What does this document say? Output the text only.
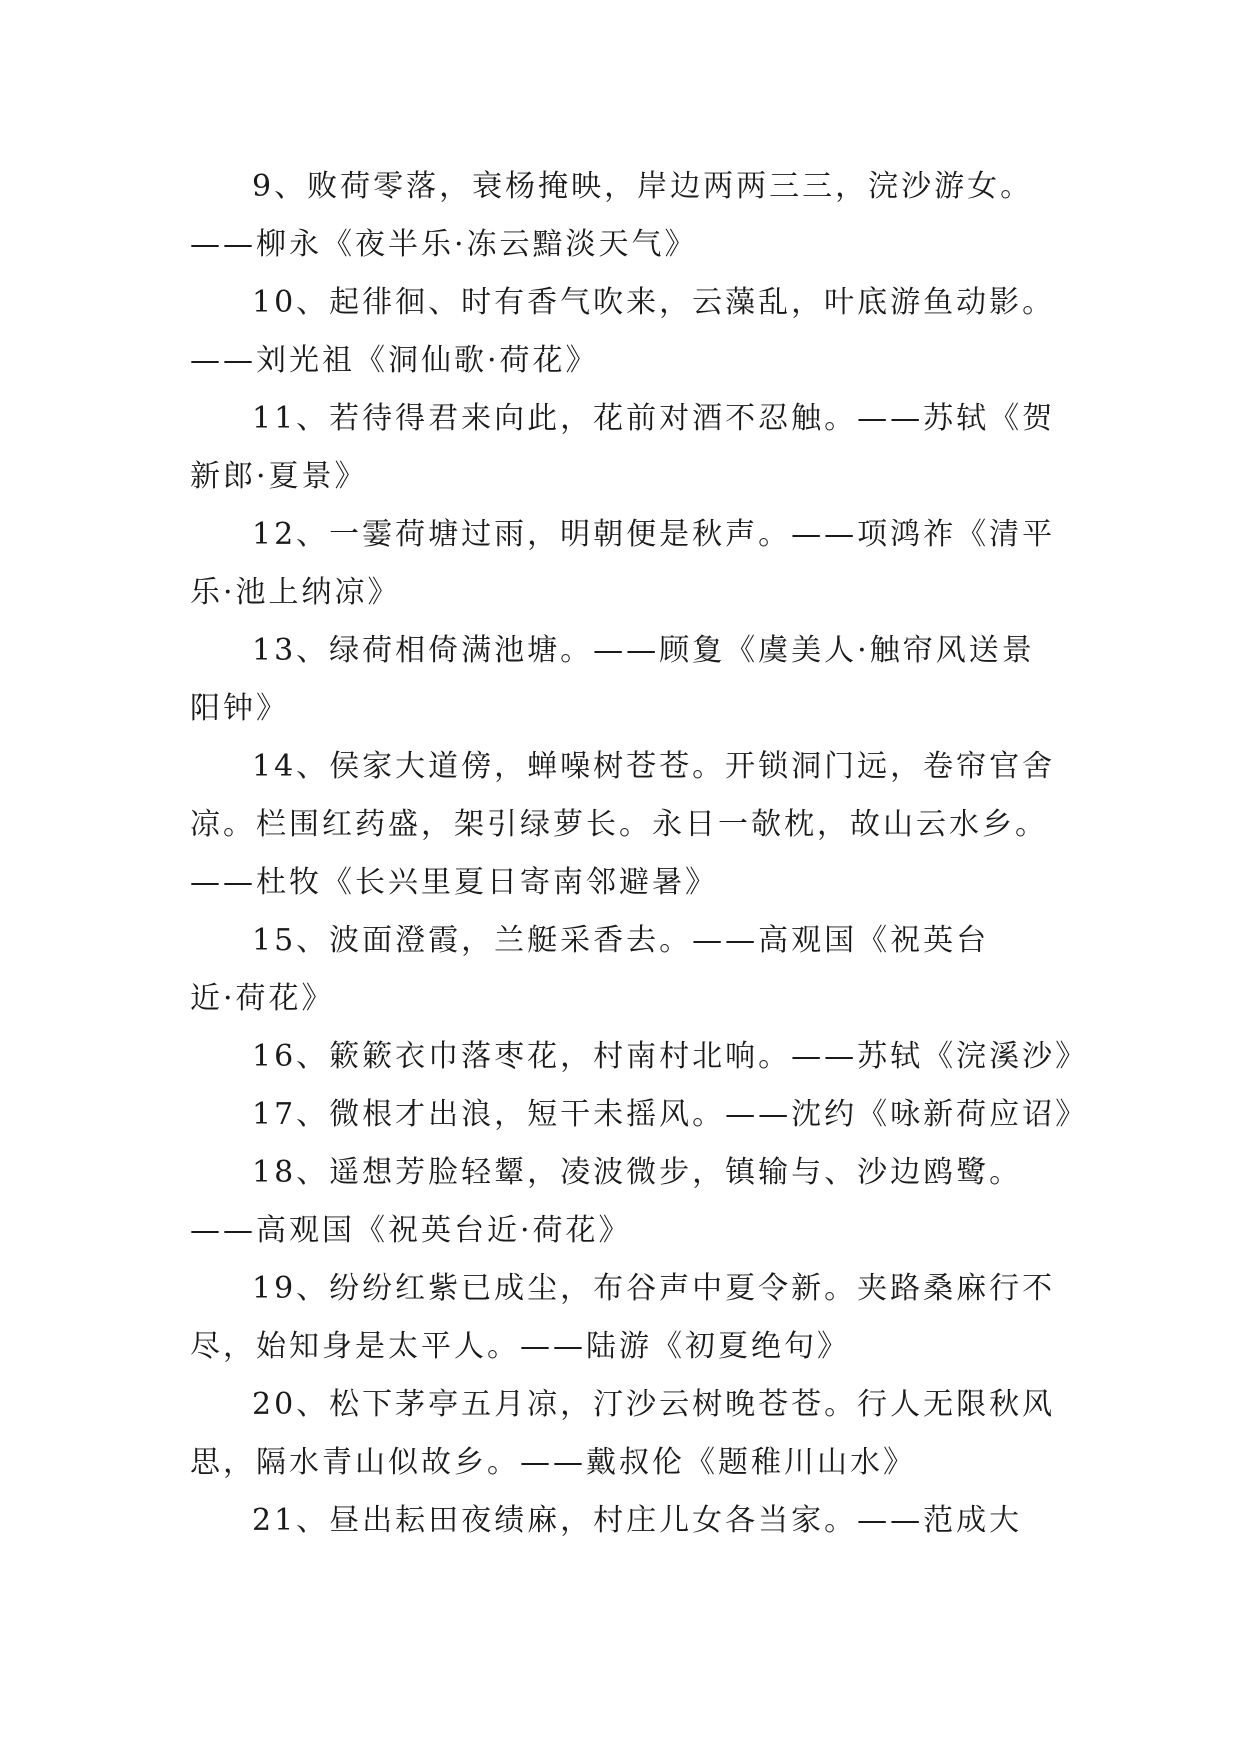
9、败荷零落，衰杨掩映，岸边两两三三，浣沙游女。
——柳永《夜半乐·冻云黯淡天气》
10、起徘徊、时有香气吹来，云藻乱，叶底游鱼动影。
——刘光祖《洞仙歌·荷花》
11、若待得君来向此，花前对酒不忍触。——苏轼《贺
新郎·夏景》
12、一霎荷塘过雨，明朝便是秋声。——项鸿祚《清平
乐·池上纳凉》
13、绿荷相倚满池塘。——顾夐《虞美人·触帘风送景
阳钟》
14、侯家大道傍，蝉噪树苍苍。开锁洞门远，卷帘官舍
凉。栏围红药盛，架引绿萝长。永日一欹枕，故山云水乡。
——杜牧《长兴里夏日寄南邻避暑》
15、波面澄霞，兰艇采香去。——高观国《祝英台
近·荷花》
16、簌簌衣巾落枣花，村南村北响。——苏轼《浣溪沙》
17、微根才出浪，短干未摇风。——沈约《咏新荷应诏》
18、遥想芳脸轻颦，凌波微步，镇输与、沙边鸥鹭。
——高观国《祝英台近·荷花》
19、纷纷红紫已成尘，布谷声中夏令新。夹路桑麻行不
尽，始知身是太平人。——陆游《初夏绝句》
20、松下茅亭五月凉，汀沙云树晚苍苍。行人无限秋风
思，隔水青山似故乡。——戴叔伦《题稚川山水》
21、昼出耘田夜绩麻，村庄儿女各当家。——范成大
